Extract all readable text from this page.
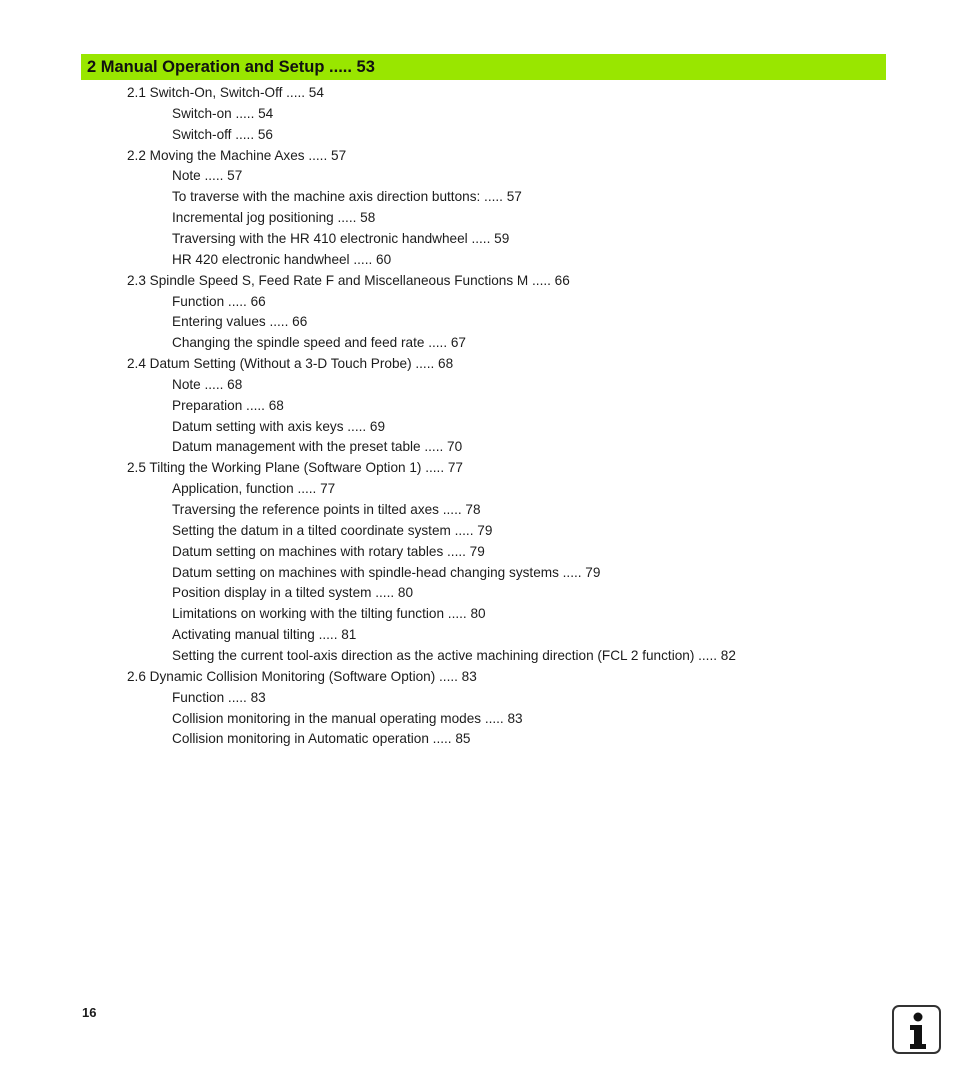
2 Manual Operation and Setup ..... 53
2.1 Switch-On, Switch-Off ..... 54
Switch-on ..... 54
Switch-off ..... 56
2.2 Moving the Machine Axes ..... 57
Note ..... 57
To traverse with the machine axis direction buttons: ..... 57
Incremental jog positioning ..... 58
Traversing with the HR 410 electronic handwheel ..... 59
HR 420 electronic handwheel ..... 60
2.3 Spindle Speed S, Feed Rate F and Miscellaneous Functions M ..... 66
Function ..... 66
Entering values ..... 66
Changing the spindle speed and feed rate ..... 67
2.4 Datum Setting (Without a 3-D Touch Probe) ..... 68
Note ..... 68
Preparation ..... 68
Datum setting with axis keys ..... 69
Datum management with the preset table ..... 70
2.5 Tilting the Working Plane (Software Option 1) ..... 77
Application, function ..... 77
Traversing the reference points in tilted axes ..... 78
Setting the datum in a tilted coordinate system ..... 79
Datum setting on machines with rotary tables ..... 79
Datum setting on machines with spindle-head changing systems ..... 79
Position display in a tilted system ..... 80
Limitations on working with the tilting function ..... 80
Activating manual tilting ..... 81
Setting the current tool-axis direction as the active machining direction (FCL 2 function) ..... 82
2.6 Dynamic Collision Monitoring (Software Option) ..... 83
Function ..... 83
Collision monitoring in the manual operating modes ..... 83
Collision monitoring in Automatic operation ..... 85
16
